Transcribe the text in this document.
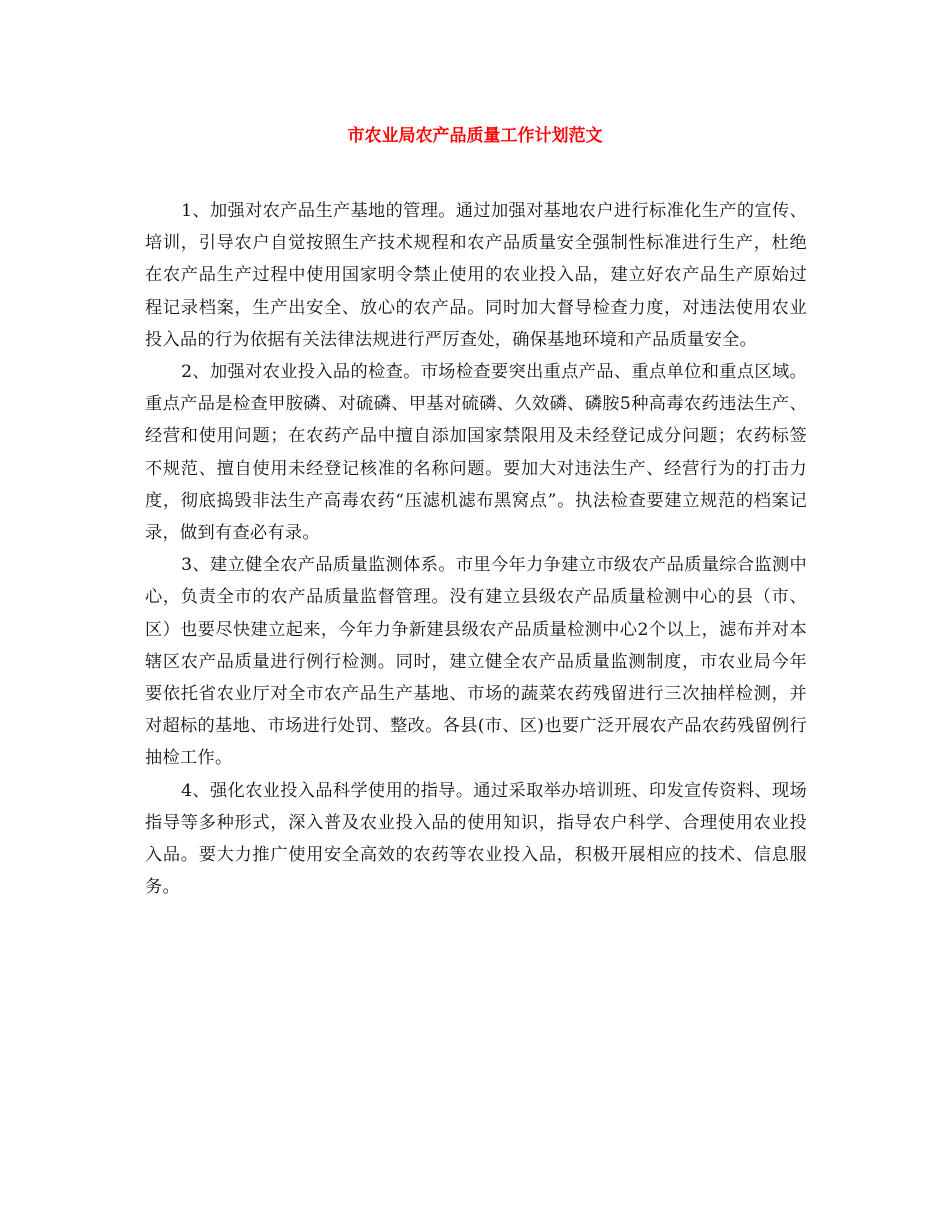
市农业局农产品质量工作计划范文

1、加强对农产品生产基地的管理。通过加强对基地农户进行标准化生产的宣传、培训，引导农户自觉按照生产技术规程和农产品质量安全强制性标准进行生产，杜绝在农产品生产过程中使用国家明令禁止使用的农业投入品，建立好农产品生产原始过程记录档案，生产出安全、放心的农产品。同时加大督导检查力度，对违法使用农业投入品的行为依据有关法律法规进行严厉查处，确保基地环境和产品质量安全。

2、加强对农业投入品的检查。市场检查要突出重点产品、重点单位和重点区域。重点产品是检查甲胺磷、对硫磷、甲基对硫磷、久效磷、磷胺5种高毒农药违法生产、经营和使用问题；在农药产品中擅自添加国家禁限用及未经登记成分问题；农药标签不规范、擅自使用未经登记核准的名称问题。要加大对违法生产、经营行为的打击力度，彻底捣毁非法生产高毒农药“压滤机滤布黑窝点”。执法检查要建立规范的档案记录，做到有查必有录。

3、建立健全农产品质量监测体系。市里今年力争建立市级农产品质量综合监测中心，负责全市的农产品质量监督管理。没有建立县级农产品质量检测中心的县（市、区）也要尽快建立起来，今年力争新建县级农产品质量检测中心2个以上，滤布并对本辖区农产品质量进行例行检测。同时，建立健全农产品质量监测制度，市农业局今年要依托省农业厅对全市农产品生产基地、市场的蔬菜农药残留进行三次抽样检测，并对超标的基地、市场进行处罚、整改。各县(市、区)也要广泛开展农产品农药残留例行抽检工作。

4、强化农业投入品科学使用的指导。通过采取举办培训班、印发宣传资料、现场指导等多种形式，深入普及农业投入品的使用知识，指导农户科学、合理使用农业投入品。要大力推广使用安全高效的农药等农业投入品，积极开展相应的技术、信息服务。
